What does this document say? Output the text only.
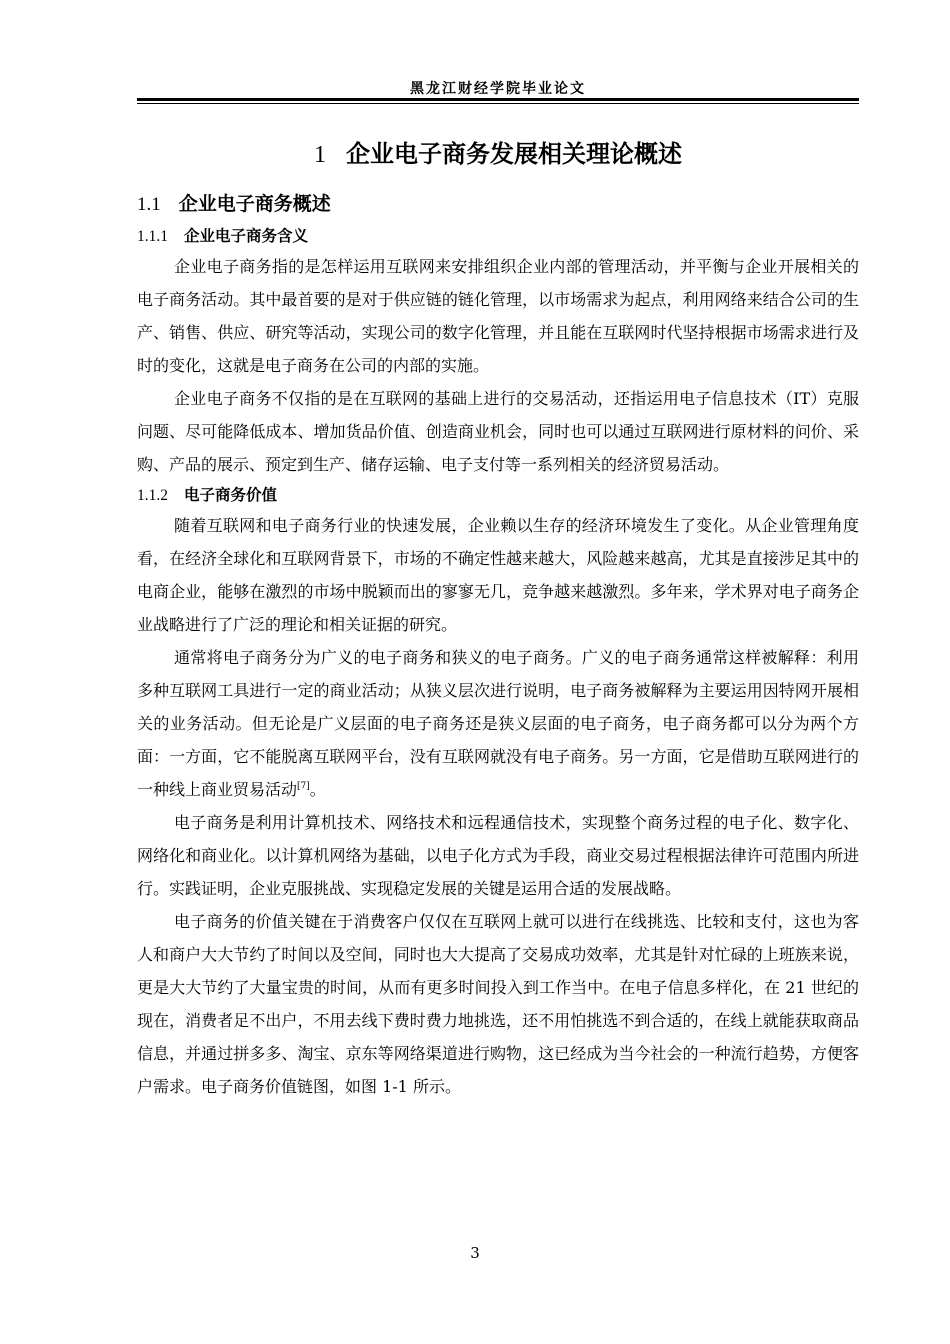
黑龙江财经学院毕业论文
1 企业电子商务发展相关理论概述
1.1 企业电子商务概述
1.1.1 企业电子商务含义

企业电子商务指的是怎样运用互联网来安排组织企业内部的管理活动，并平衡与企业开展相关的电子商务活动。其中最首要的是对于供应链的链化管理，以市场需求为起点，利用网络来结合公司的生产、销售、供应、研究等活动，实现公司的数字化管理，并且能在互联网时代坚持根据市场需求进行及时的变化，这就是电子商务在公司的内部的实施。

企业电子商务不仅指的是在互联网的基础上进行的交易活动，还指运用电子信息技术（IT）克服问题、尽可能降低成本、增加货品价值、创造商业机会，同时也可以通过互联网进行原材料的问价、采购、产品的展示、预定到生产、储存运输、电子支付等一系列相关的经济贸易活动。

1.1.2 电子商务价值

随着互联网和电子商务行业的快速发展，企业赖以生存的经济环境发生了变化。从企业管理角度看，在经济全球化和互联网背景下，市场的不确定性越来越大，风险越来越高，尤其是直接涉足其中的电商企业，能够在激烈的市场中脱颖而出的寥寥无几，竞争越来越激烈。多年来，学术界对电子商务企业战略进行了广泛的理论和相关证据的研究。

通常将电子商务分为广义的电子商务和狭义的电子商务。广义的电子商务通常这样被解释：利用多种互联网工具进行一定的商业活动；从狭义层次进行说明，电子商务被解释为主要运用因特网开展相关的业务活动。但无论是广义层面的电子商务还是狭义层面的电子商务，电子商务都可以分为两个方面：一方面，它不能脱离互联网平台，没有互联网就没有电子商务。另一方面，它是借助互联网进行的一种线上商业贸易活动[7]。

电子商务是利用计算机技术、网络技术和远程通信技术，实现整个商务过程的电子化、数字化、网络化和商业化。以计算机网络为基础，以电子化方式为手段，商业交易过程根据法律许可范围内所进行。实践证明，企业克服挑战、实现稳定发展的关键是运用合适的发展战略。

电子商务的价值关键在于消费客户仅仅在互联网上就可以进行在线挑选、比较和支付，这也为客人和商户大大节约了时间以及空间，同时也大大提高了交易成功效率，尤其是针对忙碌的上班族来说，更是大大节约了大量宝贵的时间，从而有更多时间投入到工作当中。在电子信息多样化，在 21 世纪的现在，消费者足不出户，不用去线下费时费力地挑选，还不用怕挑选不到合适的，在线上就能获取商品信息，并通过拼多多、淘宝、京东等网络渠道进行购物，这已经成为当今社会的一种流行趋势，方便客户需求。电子商务价值链图，如图 1-1 所示。

3
